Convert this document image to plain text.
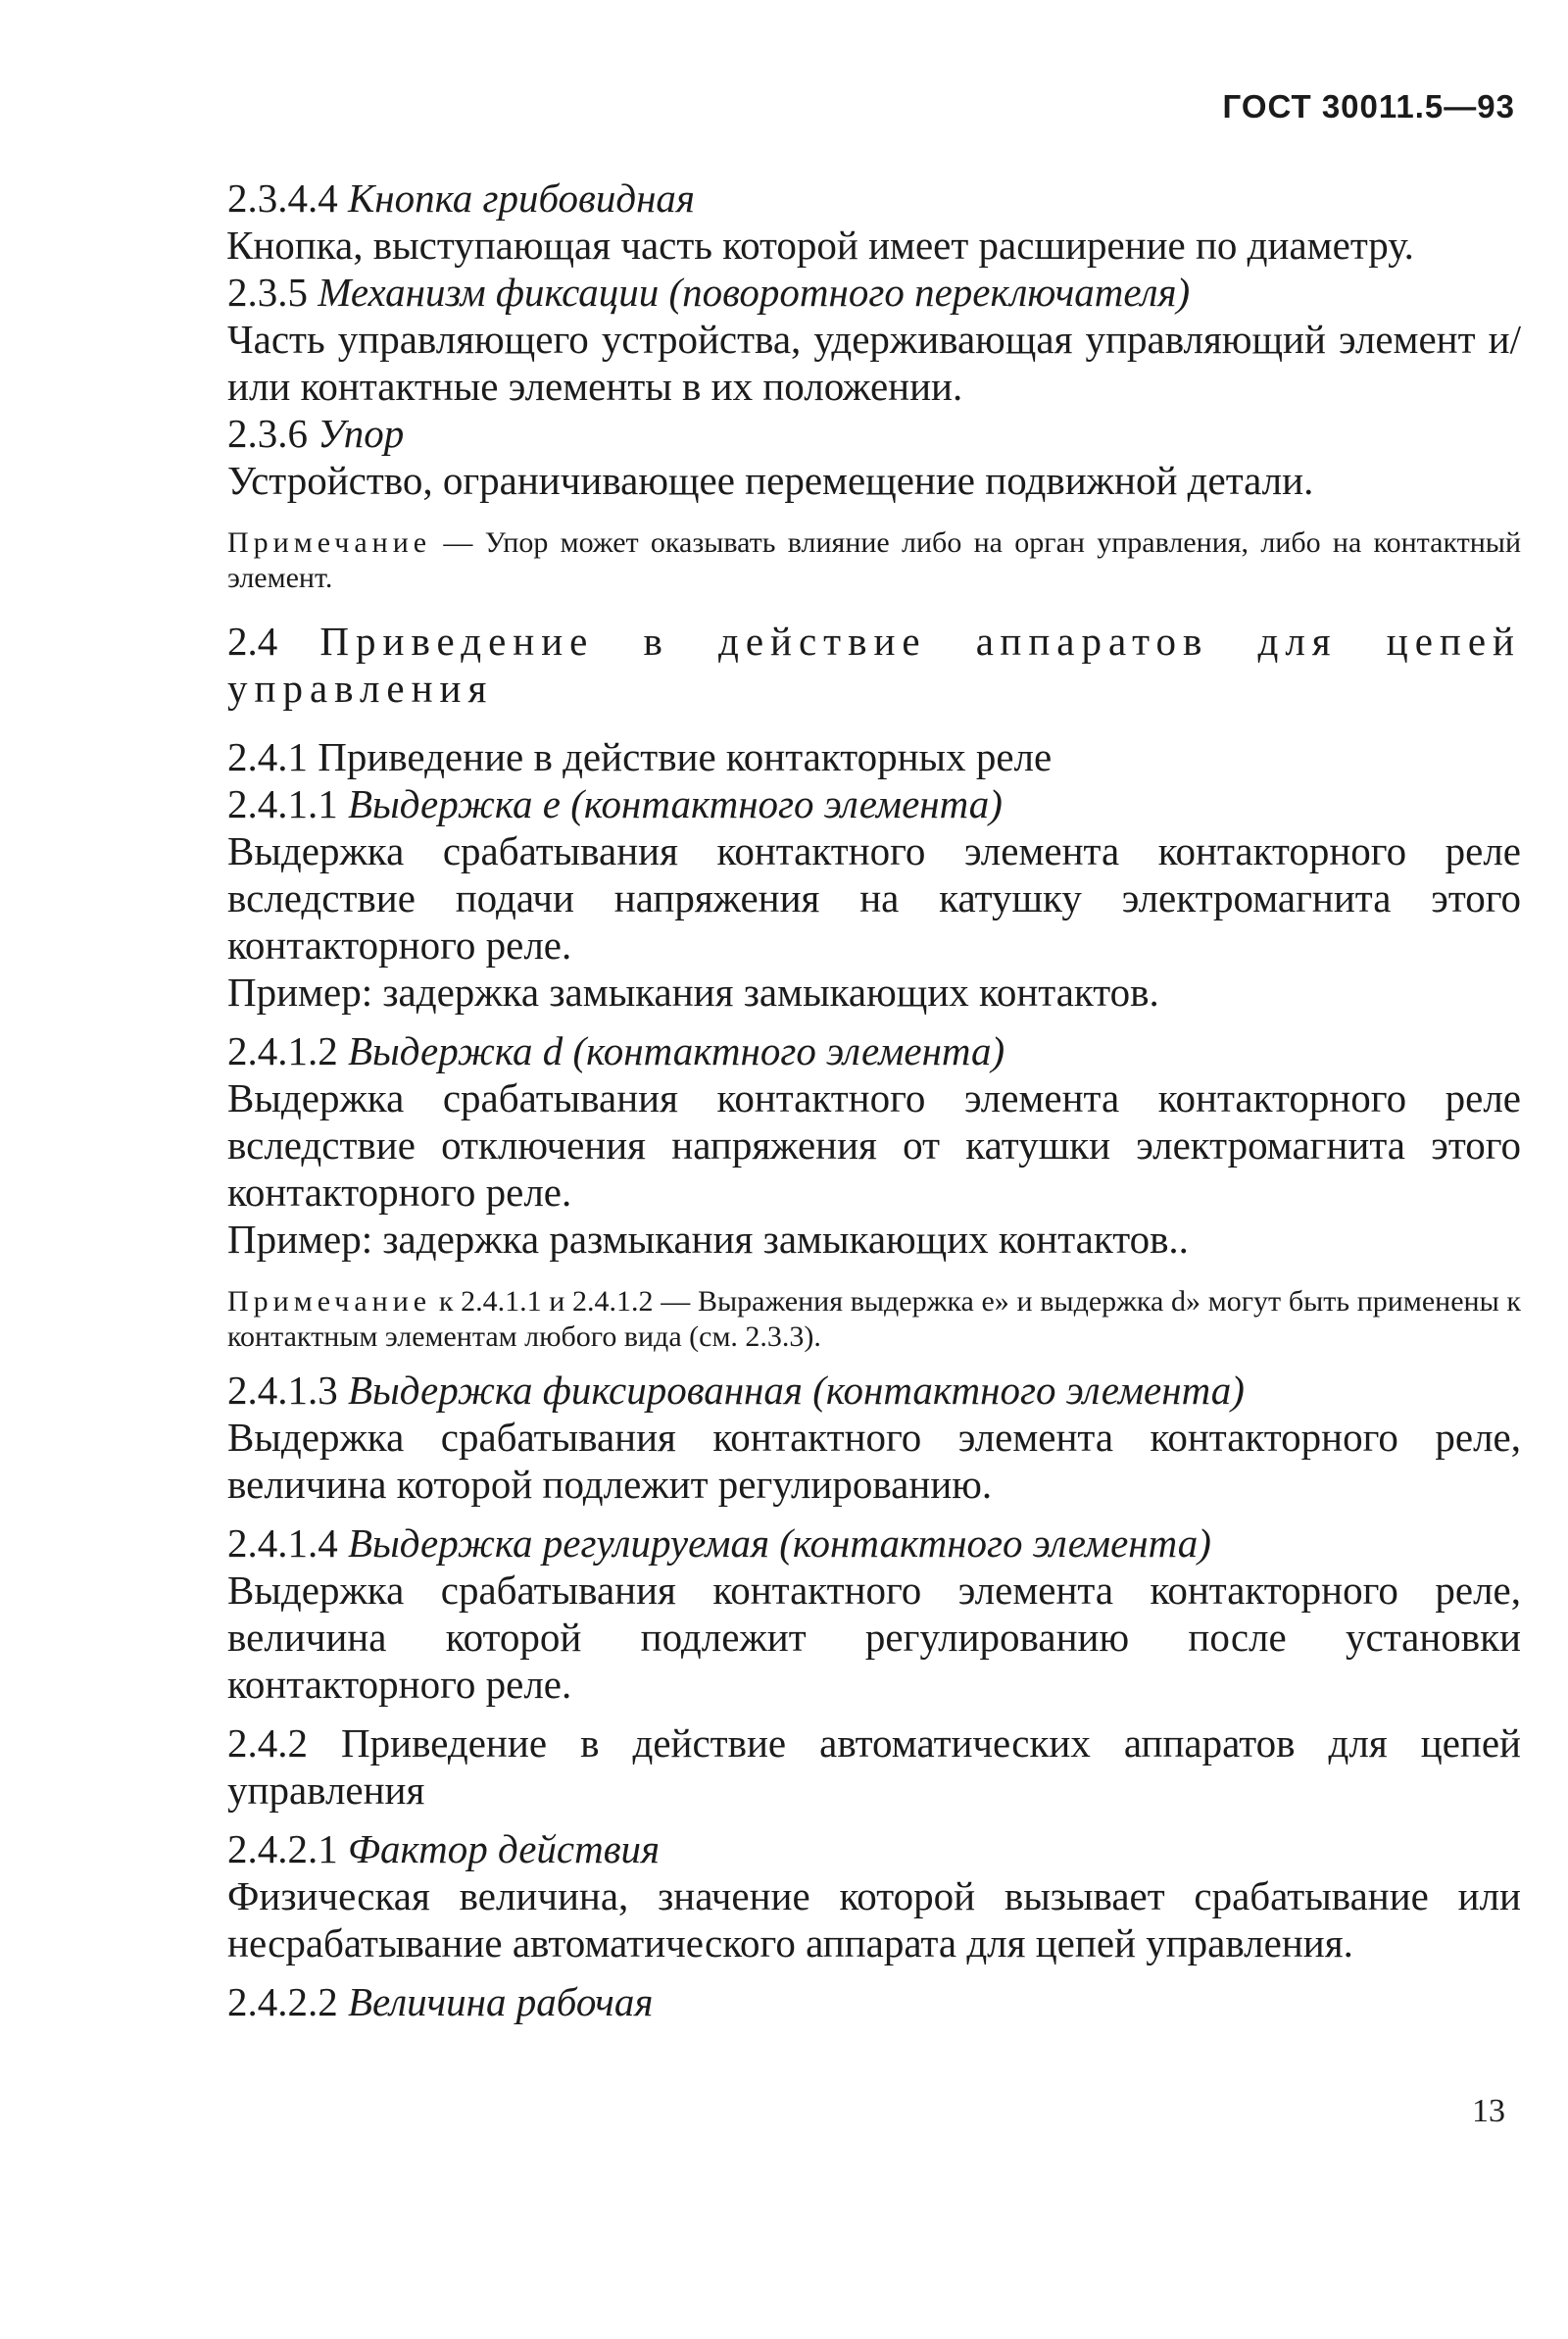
ГОСТ 30011.5—93

2.3.4.4 Кнопка грибовидная

Кнопка, выступающая часть которой имеет расширение по диаметру.

2.3.5 Механизм фиксации (поворотного переключателя)

Часть управляющего устройства, удерживающая управляющий элемент и/или контактные элементы в их положении.

2.3.6 Упор

Устройство, ограничивающее перемещение подвижной детали.

Примечание — Упор может оказывать влияние либо на орган управления, либо на контактный элемент.

2.4 Приведение в действие аппаратов для цепей управления

2.4.1 Приведение в действие контакторных реле

2.4.1.1 Выдержка е (контактного элемента)

Выдержка срабатывания контактного элемента контакторного реле вследствие подачи напряжения на катушку электромагнита этого контакторного реле.

Пример: задержка замыкания замыкающих контактов.

2.4.1.2 Выдержка d (контактного элемента)

Выдержка срабатывания контактного элемента контакторного реле вследствие отключения напряжения от катушки электромагнита этого контакторного реле.

Пример: задержка размыкания замыкающих контактов..

Примечание к 2.4.1.1 и 2.4.1.2 — Выражения выдержка е» и выдержка d» могут быть применены к контактным элементам любого вида (см. 2.3.3).

2.4.1.3 Выдержка фиксированная (контактного элемента)

Выдержка срабатывания контактного элемента контакторного реле, величина которой подлежит регулированию.

2.4.1.4 Выдержка регулируемая (контактного элемента)

Выдержка срабатывания контактного элемента контакторного реле, величина которой подлежит регулированию после установки контакторного реле.

2.4.2 Приведение в действие автоматических аппаратов для цепей управления

2.4.2.1 Фактор действия

Физическая величина, значение которой вызывает срабатывание или несрабатывание автоматического аппарата для цепей управления.

2.4.2.2 Величина рабочая

13
